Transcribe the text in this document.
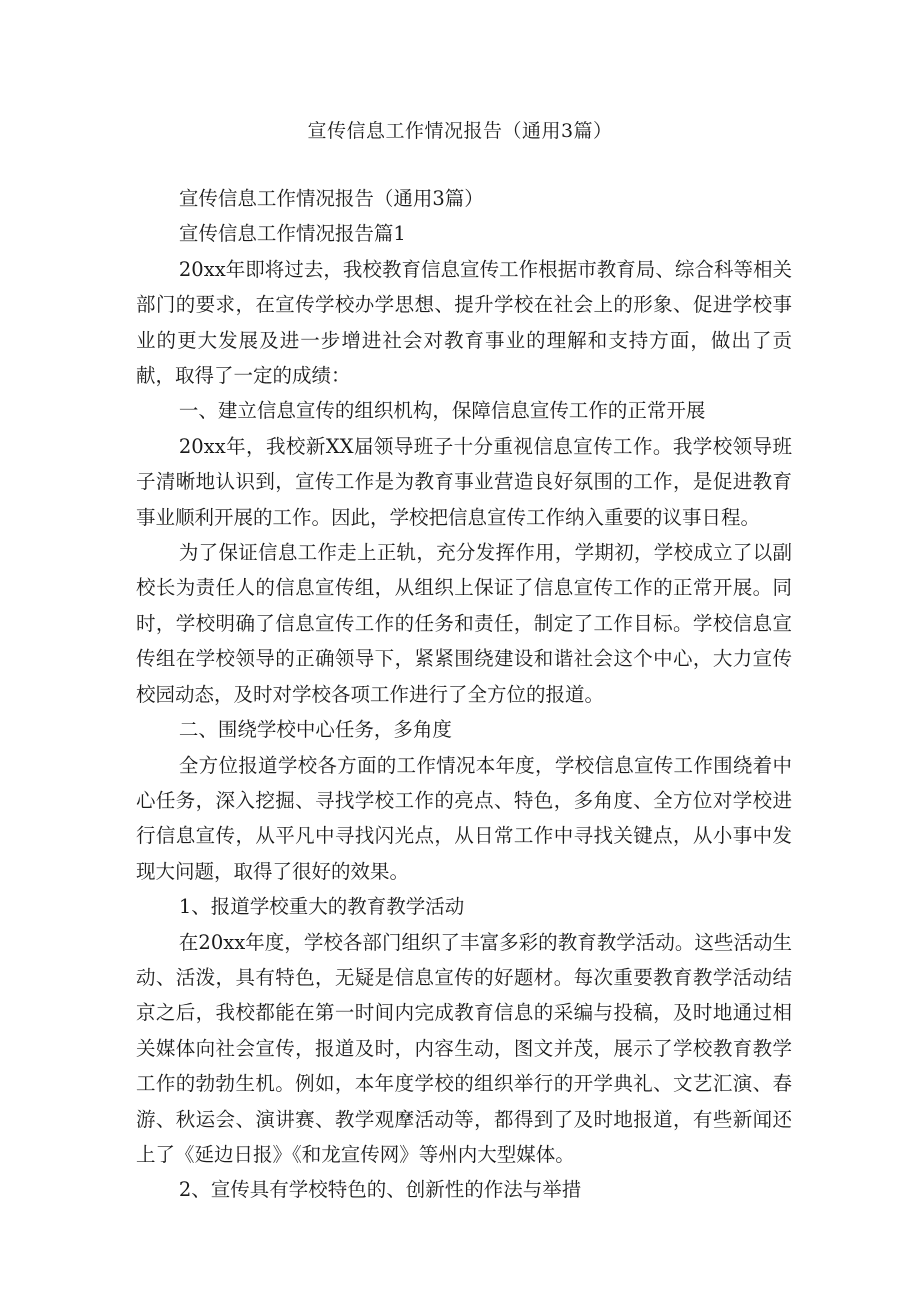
宣传信息工作情况报告（通用3篇）

宣传信息工作情况报告（通用3篇）

宣传信息工作情况报告篇1

20xx年即将过去，我校教育信息宣传工作根据市教育局、综合科等相关部门的要求，在宣传学校办学思想、提升学校在社会上的形象、促进学校事业的更大发展及进一步增进社会对教育事业的理解和支持方面，做出了贡献，取得了一定的成绩：

一、建立信息宣传的组织机构，保障信息宣传工作的正常开展

20xx年，我校新XX届领导班子十分重视信息宣传工作。我学校领导班子清晰地认识到，宣传工作是为教育事业营造良好氛围的工作，是促进教育事业顺利开展的工作。因此，学校把信息宣传工作纳入重要的议事日程。

为了保证信息工作走上正轨，充分发挥作用，学期初，学校成立了以副校长为责任人的信息宣传组，从组织上保证了信息宣传工作的正常开展。同时，学校明确了信息宣传工作的任务和责任，制定了工作目标。学校信息宣传组在学校领导的正确领导下，紧紧围绕建设和谐社会这个中心，大力宣传校园动态，及时对学校各项工作进行了全方位的报道。

二、围绕学校中心任务，多角度

全方位报道学校各方面的工作情况本年度，学校信息宣传工作围绕着中心任务，深入挖掘、寻找学校工作的亮点、特色，多角度、全方位对学校进行信息宣传，从平凡中寻找闪光点，从日常工作中寻找关键点，从小事中发现大问题，取得了很好的效果。

1、报道学校重大的教育教学活动

在20xx年度，学校各部门组织了丰富多彩的教育教学活动。这些活动生动、活泼，具有特色，无疑是信息宣传的好题材。每次重要教育教学活动结京之后，我校都能在第一时间内完成教育信息的采编与投稿，及时地通过相关媒体向社会宣传，报道及时，内容生动，图文并茂，展示了学校教育教学工作的勃勃生机。例如，本年度学校的组织举行的开学典礼、文艺汇演、春游、秋运会、演讲赛、教学观摩活动等，都得到了及时地报道，有些新闻还上了《延边日报》《和龙宣传网》等州内大型媒体。

2、宣传具有学校特色的、创新性的作法与举措
